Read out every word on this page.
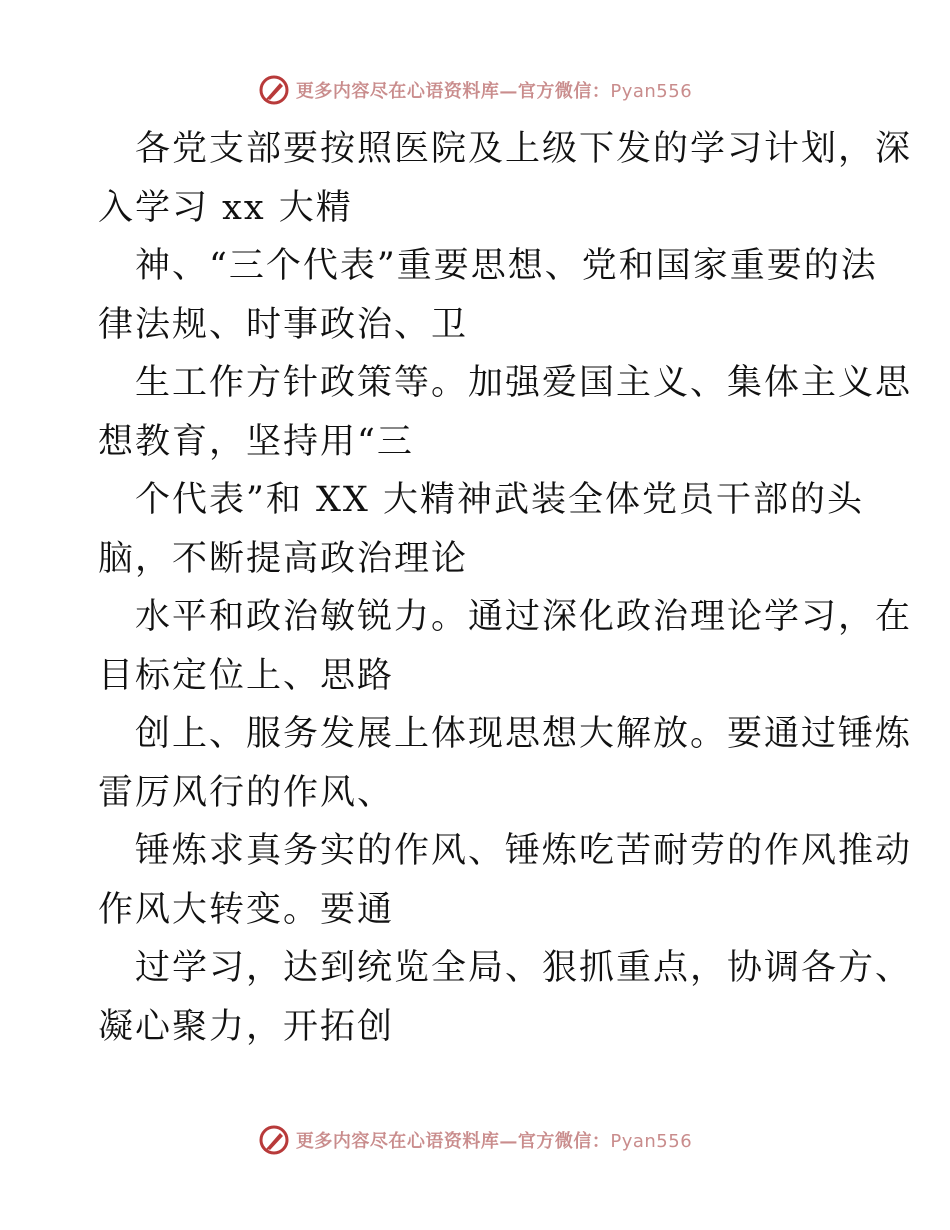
更多内容尽在心语资料库—官方微信：Pyan556

各党支部要按照医院及上级下发的学习计划，深
入学习 xx 大精

神、“三个代表”重要思想、党和国家重要的法
律法规、时事政治、卫

生工作方针政策等。加强爱国主义、集体主义思
想教育，坚持用“三

个代表”和 XX 大精神武装全体党员干部的头
脑，不断提高政治理论

水平和政治敏锐力。通过深化政治理论学习，在
目标定位上、思路

创上、服务发展上体现思想大解放。要通过锤炼
雷厉风行的作风、

锤炼求真务实的作风、锤炼吃苦耐劳的作风推动
作风大转变。要通

过学习，达到统览全局、狠抓重点，协调各方、
凝心聚力，开拓创

更多内容尽在心语资料库—官方微信：Pyan556
